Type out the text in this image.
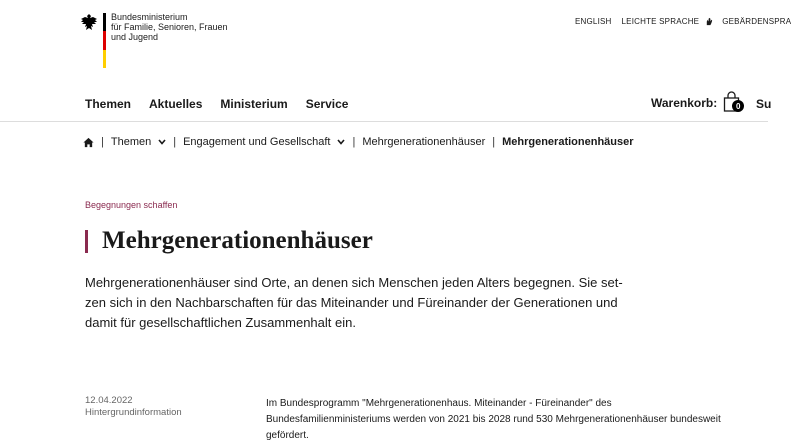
Bundesministerium
für Familie, Senioren, Frauen
und Jugend
ENGLISH LEICHTE SPRACHE	GEBÄRDENSPRA
Themen Aktuelles Ministerium Service	Warenkorb:	0	Su
| Themen | Engagement und Gesellschaft | Mehrgenerationenhäuser | Mehrgenerationenhäuser
Begegnungen schaffen
Mehrgenerationenhäuser
Mehrgenerationenhäuser sind Orte, an denen sich Menschen jeden Alters begegnen. Sie set-
zen sich in den Nachbarschaften für das Miteinander und Füreinander der Generationen und
damit für gesellschaftlichen Zusammenhalt ein.
12.04.2022
Hintergrundinformation
Im Bundesprogramm "Mehrgenerationenhaus. Miteinander - Füreinander" des
Bundesfamilienministeriums werden von 2021 bis 2028 rund 530 Mehrgenerationenhäuser bundesweit
gefördert.
